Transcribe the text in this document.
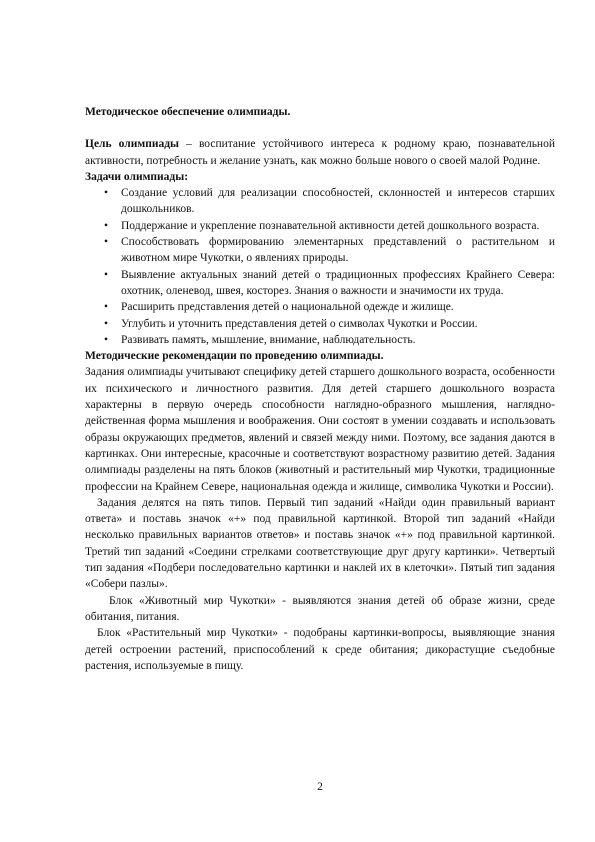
Методическое обеспечение олимпиады.

Цель олимпиады – воспитание устойчивого интереса к родному краю, познавательной активности, потребность и желание узнать, как можно больше нового о своей малой Родине.

Задачи олимпиады:

• Создание условий для реализации способностей, склонностей и интересов старших дошкольников.
• Поддержание и укрепление познавательной активности детей дошкольного возраста.
• Способствовать формированию элементарных представлений о растительном и животном мире Чукотки, о явлениях природы.
• Выявление актуальных знаний детей о традиционных профессиях Крайнего Севера: охотник, оленевод, швея, косторез. Знания о важности и значимости их труда.
• Расширить представления детей о национальной одежде и жилище.
• Углубить и уточнить представления детей о символах Чукотки и России.
• Развивать память, мышление, внимание, наблюдательность.

Методические рекомендации по проведению олимпиады.

Задания олимпиады учитывают специфику детей старшего дошкольного возраста, особенности их психического и личностного развития. Для детей старшего дошкольного возраста характерны в первую очередь способности наглядно-образного мышления, наглядно-действенная форма мышления и воображения. Они состоят в умении создавать и использовать образы окружающих предметов, явлений и связей между ними. Поэтому, все задания даются в картинках. Они интересные, красочные и соответствуют возрастному развитию детей. Задания олимпиады разделены на пять блоков (животный и растительный мир Чукотки, традиционные профессии на Крайнем Севере, национальная одежда и жилище, символика Чукотки и России).

Задания делятся на пять типов. Первый тип заданий «Найди один правильный вариант ответа» и поставь значок «+» под правильной картинкой. Второй тип заданий «Найди несколько правильных вариантов ответов» и поставь значок «+» под правильной картинкой. Третий тип заданий «Соедини стрелками соответствующие друг другу картинки». Четвертый тип задания «Подбери последовательно картинки и наклей их в клеточки». Пятый тип задания «Собери пазлы».

Блок «Животный мир Чукотки» - выявляются знания детей об образе жизни, среде обитания, питания.

Блок «Растительный мир Чукотки» - подобраны картинки-вопросы, выявляющие знания детей остроении растений, приспособлений к среде обитания; дикорастущие съедобные растения, используемые в пищу.

2
